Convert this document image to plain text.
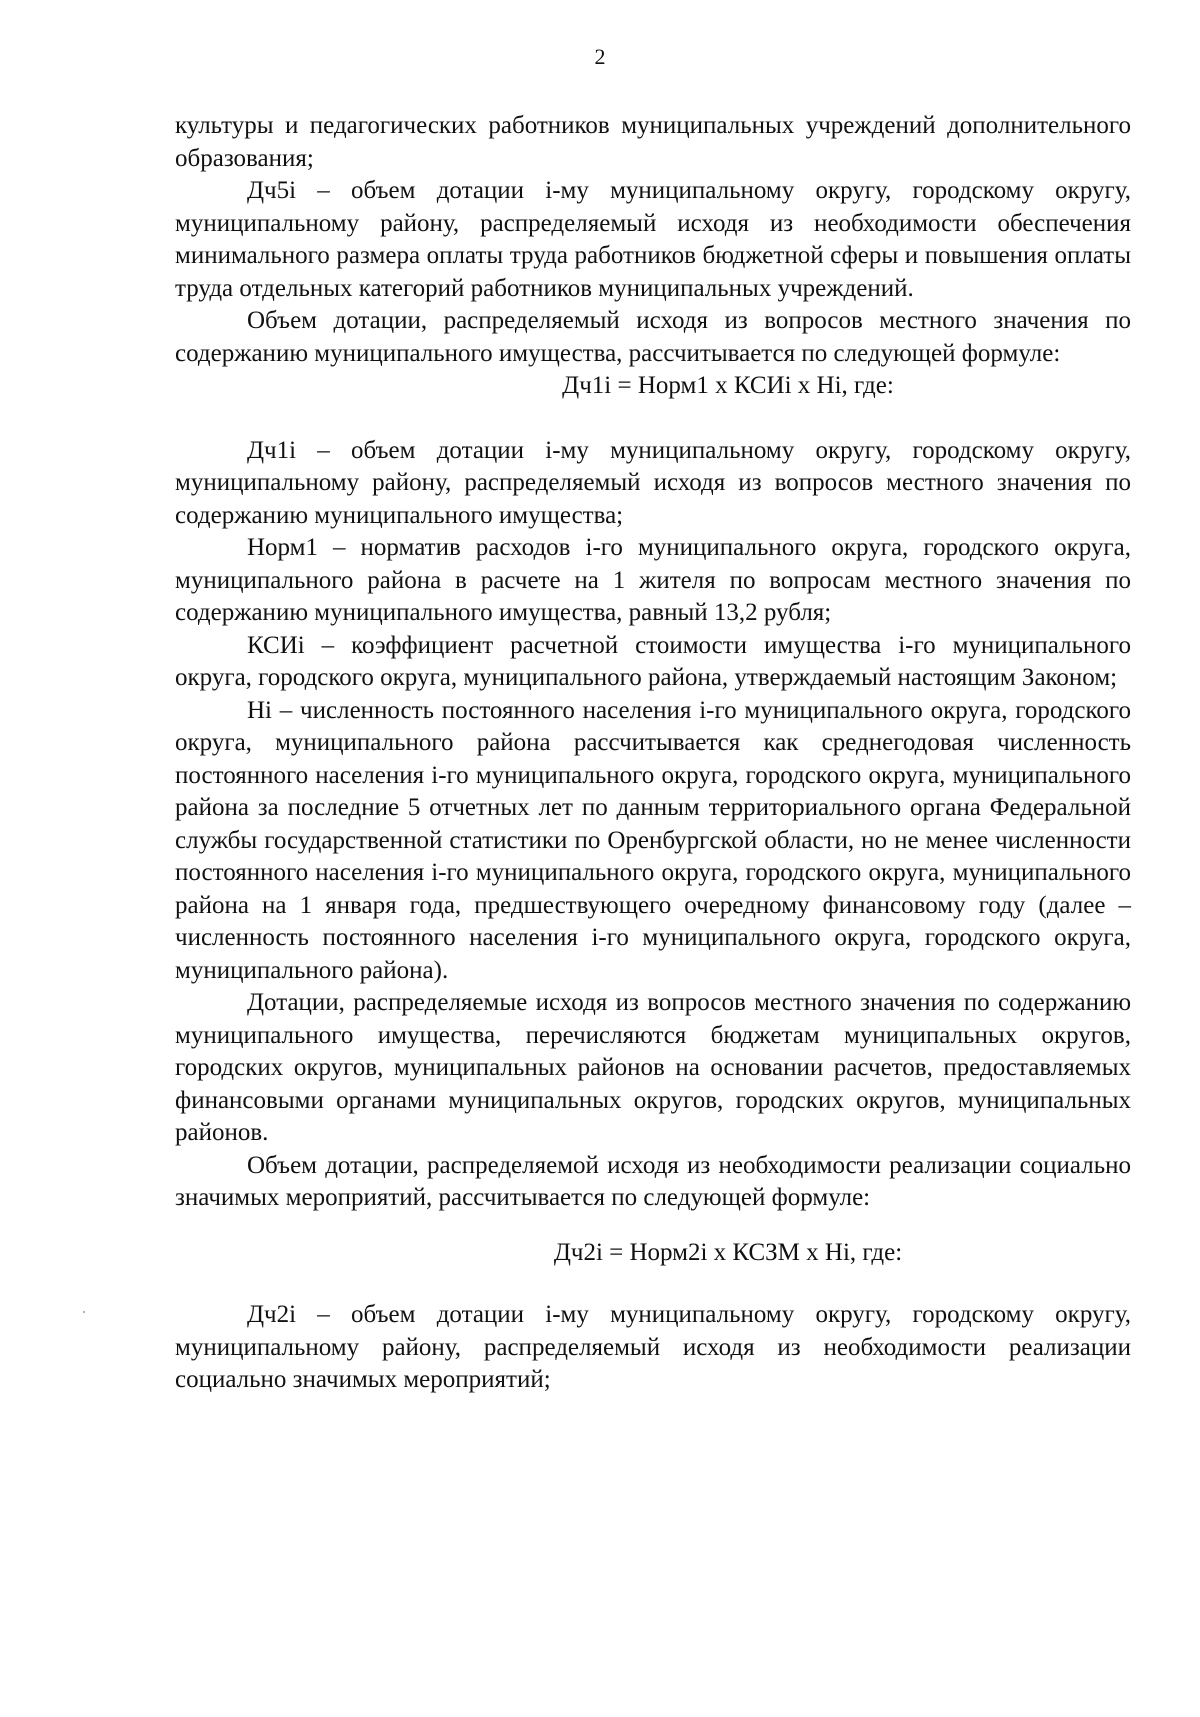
2

культуры и педагогических работников муниципальных учреждений дополнительного образования;

Дч5i – объем дотации i-му муниципальному округу, городскому округу, муниципальному району, распределяемый исходя из необходимости обеспечения минимального размера оплаты труда работников бюджетной сферы и повышения оплаты труда отдельных категорий работников муниципальных учреждений.

Объем дотации, распределяемый исходя из вопросов местного значения по содержанию муниципального имущества, рассчитывается по следующей формуле:

Дч1i = Норм1 x КСИi x Hi, где:

Дч1i – объем дотации i-му муниципальному округу, городскому округу, муниципальному району, распределяемый исходя из вопросов местного значения по содержанию муниципального имущества;

Норм1 – норматив расходов i-го муниципального округа, городского округа, муниципального района в расчете на 1 жителя по вопросам местного значения по содержанию муниципального имущества, равный 13,2 рубля;

КСИi – коэффициент расчетной стоимости имущества i-го муниципального округа, городского округа, муниципального района, утверждаемый настоящим Законом;

Hi – численность постоянного населения i-го муниципального округа, городского округа, муниципального района рассчитывается как среднегодовая численность постоянного населения i-го муниципального округа, городского округа, муниципального района за последние 5 отчетных лет по данным территориального органа Федеральной службы государственной статистики по Оренбургской области, но не менее численности постоянного населения i-го муниципального округа, городского округа, муниципального района на 1 января года, предшествующего очередному финансовому году (далее – численность постоянного населения i-го муниципального округа, городского округа, муниципального района).

Дотации, распределяемые исходя из вопросов местного значения по содержанию муниципального имущества, перечисляются бюджетам муниципальных округов, городских округов, муниципальных районов на основании расчетов, предоставляемых финансовыми органами муниципальных округов, городских округов, муниципальных районов.

Объем дотации, распределяемой исходя из необходимости реализации социально значимых мероприятий, рассчитывается по следующей формуле:

Дч2i = Норм2i x КСЗМ x Hi, где:

Дч2i – объем дотации i-му муниципальному округу, городскому округу, муниципальному району, распределяемый исходя из необходимости реализации социально значимых мероприятий;
